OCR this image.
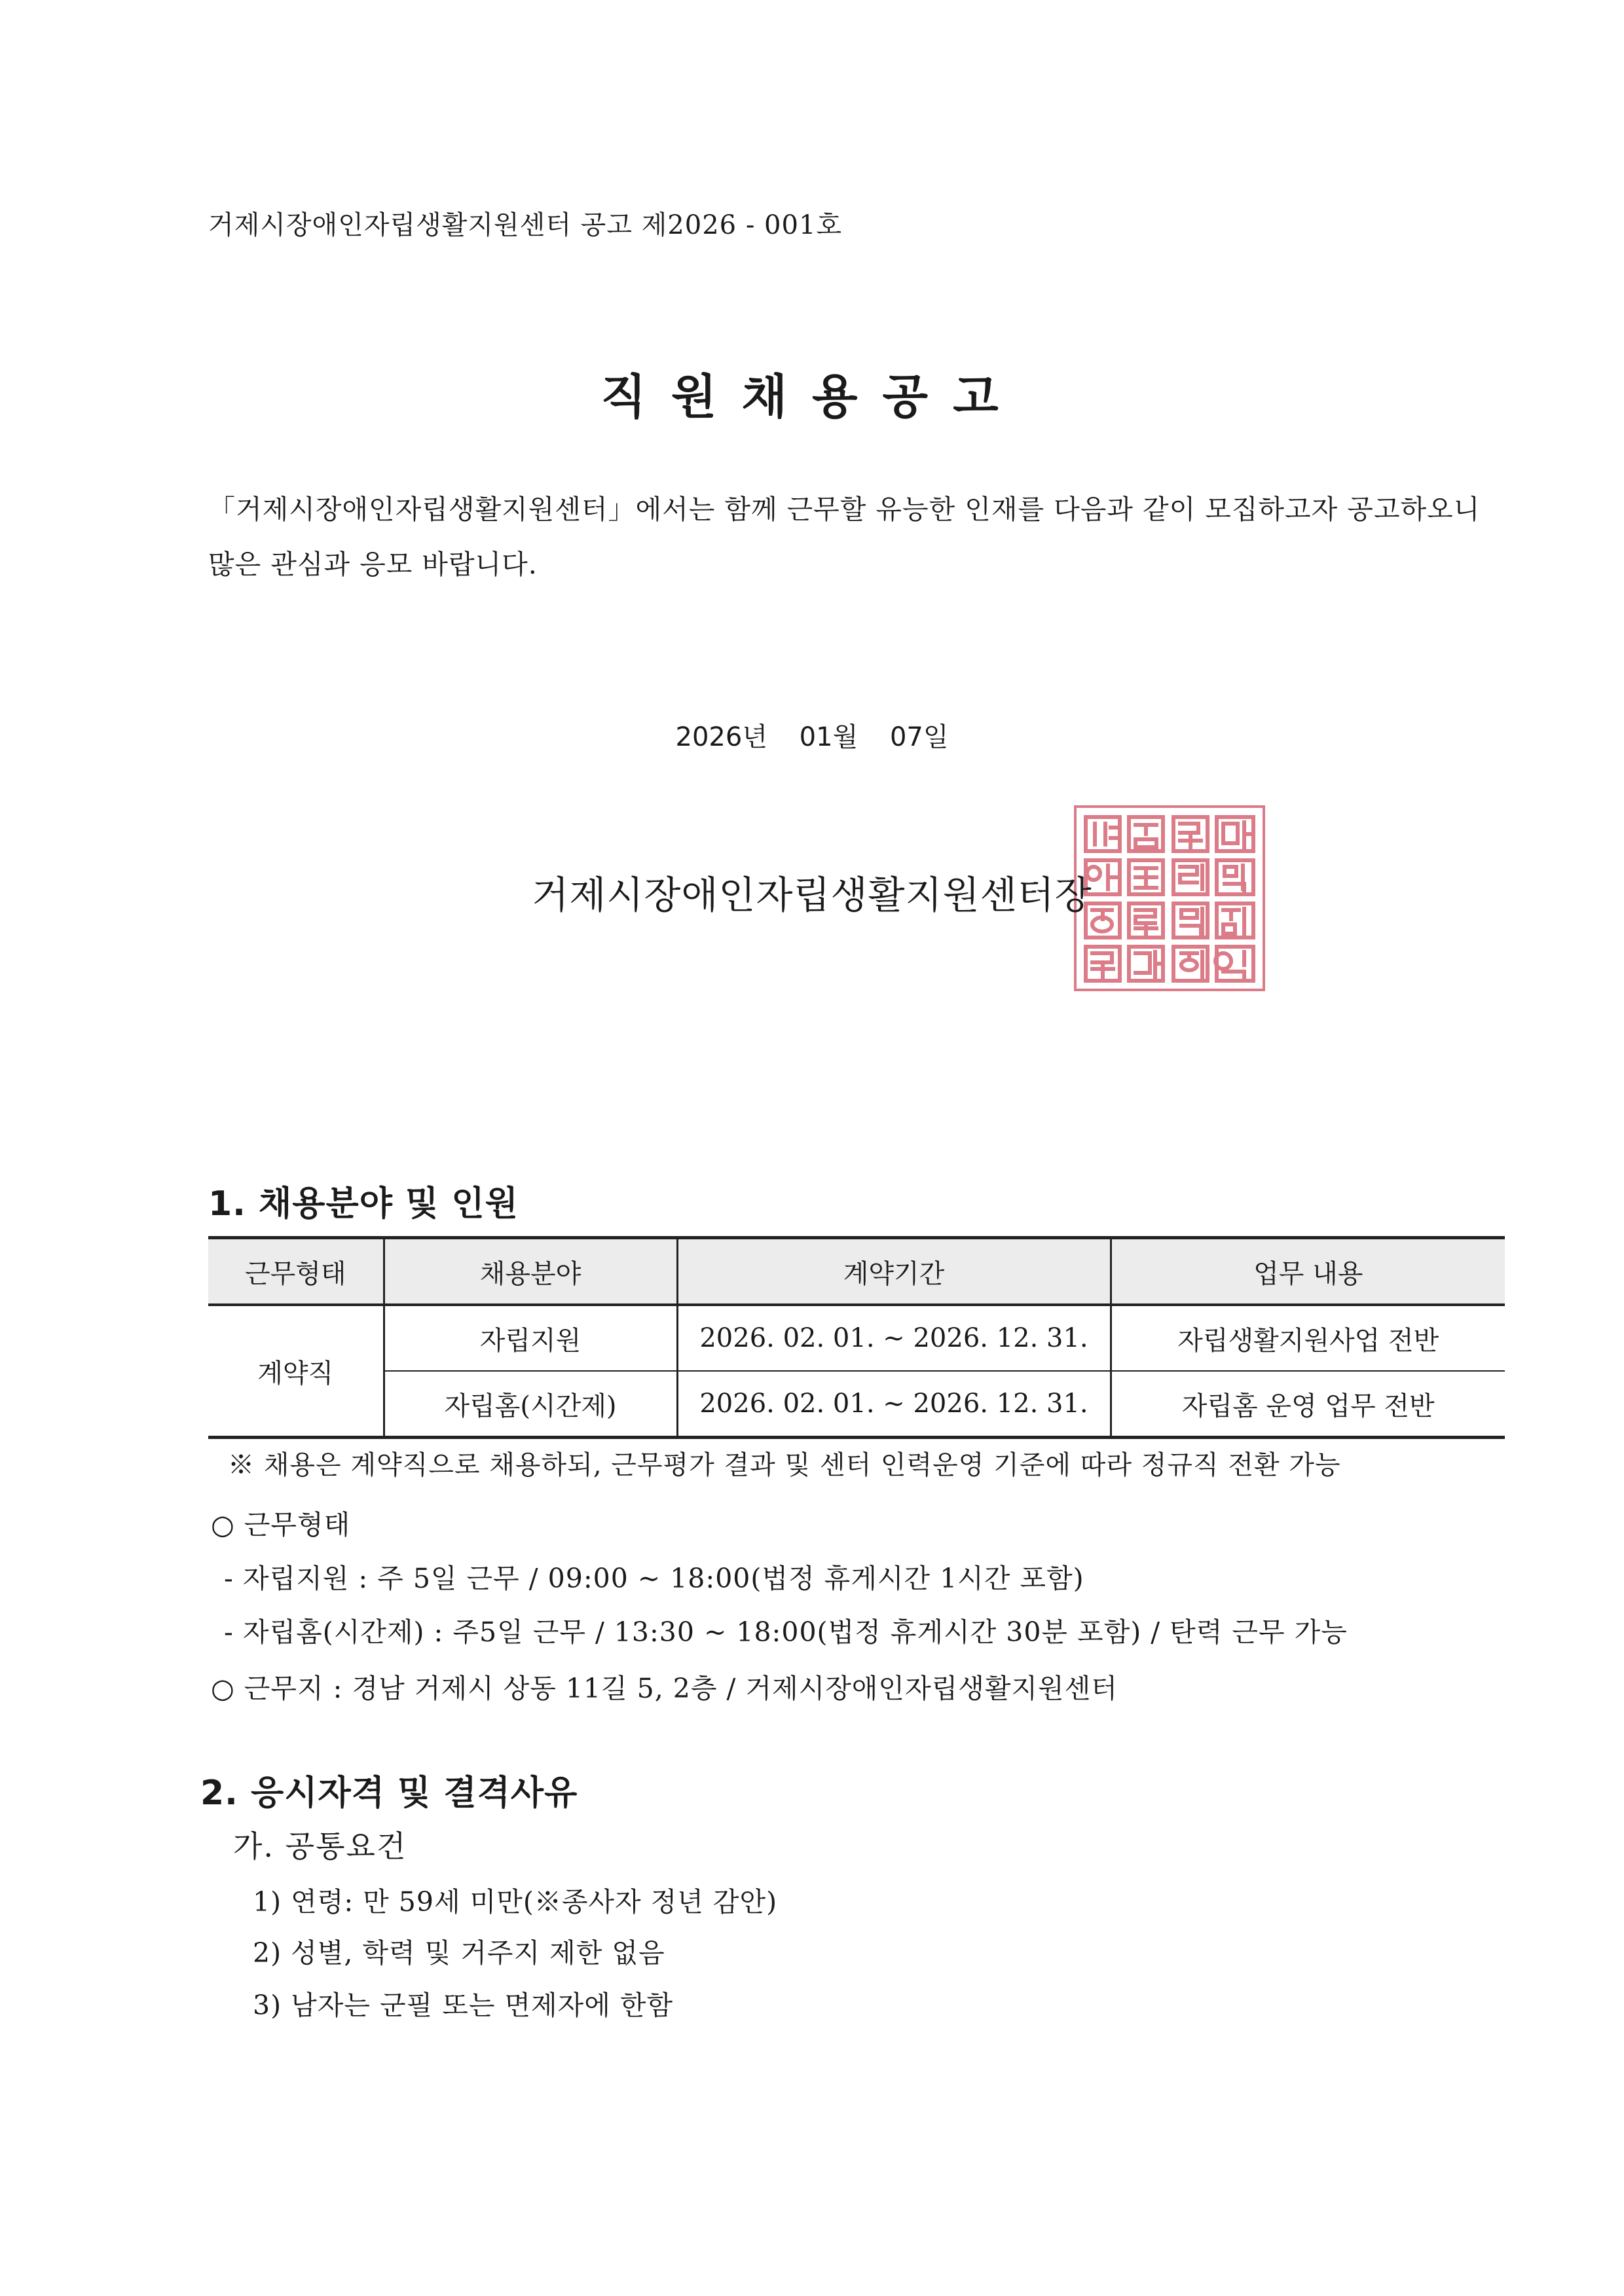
거제시장애인자립생활지원센터 공고 제2026 - 001호
직원채용공고
「거제시장애인자립생활지원센터」에서는 함께 근무할 유능한 인재를 다음과 같이 모집하고자 공고하오니 많은 관심과 응모 바랍니다.
2026년 01월 07일
거제시장애인자립생활지원센터장
1. 채용분야 및 인원
근무형태	채용분야	계약기간	업무 내용
계약직	자립지원	2026. 02. 01. ~ 2026. 12. 31.	자립생활지원사업 전반
	자립홈(시간제)	2026. 02. 01. ~ 2026. 12. 31.	자립홈 운영 업무 전반
※ 채용은 계약직으로 채용하되, 근무평가 결과 및 센터 인력운영 기준에 따라 정규직 전환 가능
○ 근무형태
- 자립지원 : 주 5일 근무 / 09:00 ~ 18:00(법정 휴게시간 1시간 포함)
- 자립홈(시간제) : 주5일 근무 / 13:30 ~ 18:00(법정 휴게시간 30분 포함) / 탄력 근무 가능
○ 근무지 : 경남 거제시 상동 11길 5, 2층 / 거제시장애인자립생활지원센터
2. 응시자격 및 결격사유
가. 공통요건
1) 연령: 만 59세 미만(※종사자 정년 감안)
2) 성별, 학력 및 거주지 제한 없음
3) 남자는 군필 또는 면제자에 한함
